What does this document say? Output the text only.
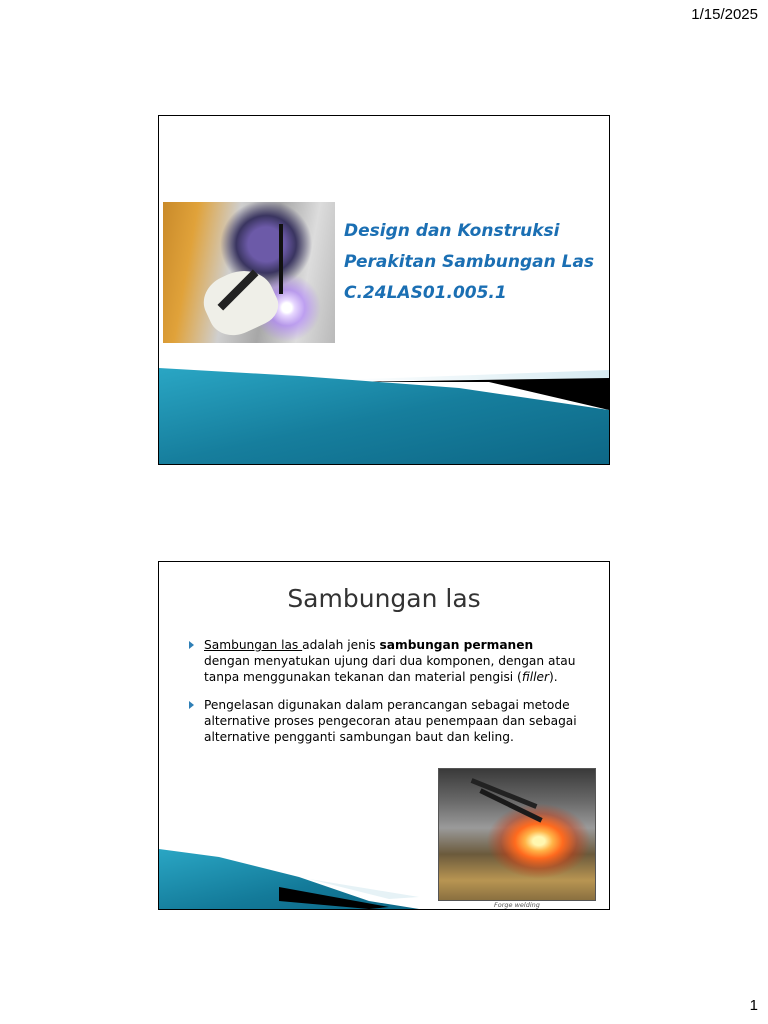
1/15/2025
Design dan Konstruksi
Perakitan Sambungan Las
C.24LAS01.005.1
Sambungan las
Sambungan las adalah jenis sambungan permanen dengan menyatukan ujung dari dua komponen, dengan atau tanpa menggunakan tekanan dan material pengisi (filler).
Pengelasan digunakan dalam perancangan sebagai metode alternative proses pengecoran atau penempaan dan sebagai alternative pengganti sambungan baut dan keling.
Forge welding
1
